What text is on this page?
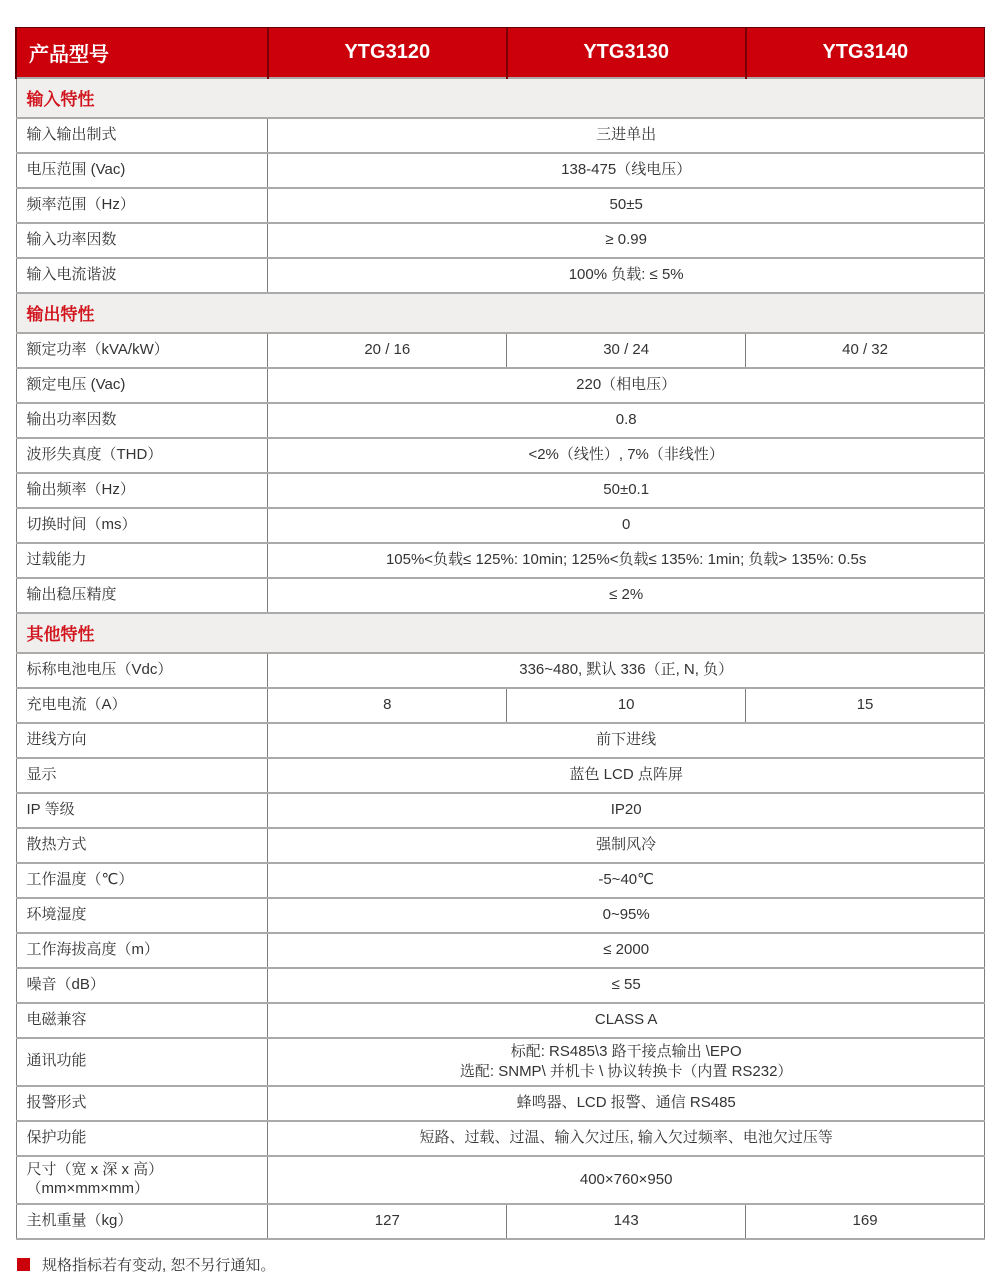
产品型号	YTG3120	YTG3130	YTG3140
输入特性			

输入输出制式	三进单出		

电压范围 (Vac)	138-475（线电压）		

频率范围（Hz）	50±5		

输入功率因数	≥ 0.99		

输入电流谐波	100% 负载: ≤ 5%		
输出特性			

额定功率（kVA/kW）	20 / 16	30 / 24	40 / 32

额定电压 (Vac)	220（相电压）		

输出功率因数	0.8		

波形失真度（THD）	<2%（线性）, 7%（非线性）		

输出频率（Hz）	50±0.1		

切换时间（ms）	0		

过载能力	105%<负载≤ 125%: 10min; 125%<负载≤ 135%: 1min; 负载> 135%: 0.5s		

输出稳压精度	≤ 2%		
其他特性			

标称电池电压（Vdc）	336~480, 默认 336（正, N, 负）		

充电电流（A）	8	10	15

进线方向	前下进线		

显示	蓝色 LCD 点阵屏		

IP 等级	IP20		

散热方式	强制风冷		

工作温度（℃）	-5~40℃		

环境湿度	0~95%		

工作海拔高度（m）	≤ 2000		

噪音（dB）	≤ 55		

电磁兼容	CLASS A		

通讯功能	标配: RS485\3 路干接点输出 \EPO
选配: SNMP\ 并机卡 \ 协议转换卡（内置 RS232）		

报警形式	蜂鸣器、LCD 报警、通信 RS485		

保护功能	短路、过载、过温、输入欠过压, 输入欠过频率、电池欠过压等		

尺寸（宽 x 深 x 高）
（mm×mm×mm）	400×760×950		

主机重量（kg）	127	143	169
规格指标若有变动, 恕不另行通知。
